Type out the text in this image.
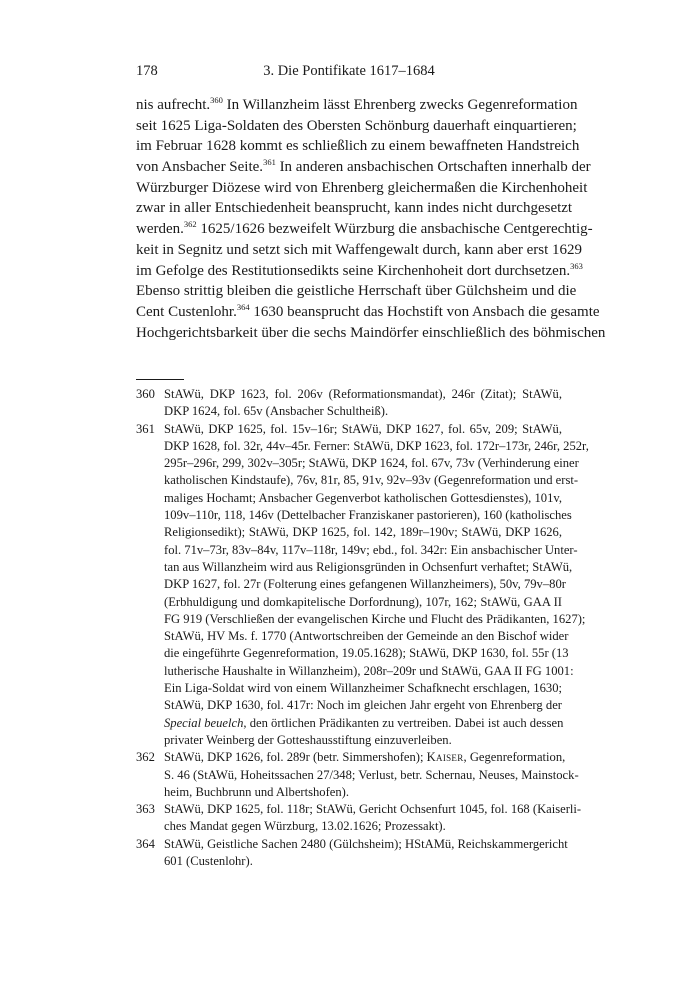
178	3. Die Pontifikate 1617–1684
nis aufrecht.$^{360}$ In Willanzheim lässt Ehrenberg zwecks Gegenreformation
seit 1625 Liga-Soldaten des Obersten Schönburg dauerhaft einquartieren;
im Februar 1628 kommt es schließlich zu einem bewaffneten Handstreich
von Ansbacher Seite.$^{361}$ In anderen ansbachischen Ortschaften innerhalb der
Würzburger Diözese wird von Ehrenberg gleichermaßen die Kirchenhoheit
zwar in aller Entschiedenheit beansprucht, kann indes nicht durchgesetzt
werden.$^{362}$ 1625/1626 bezweifelt Würzburg die ansbachische Centgerechtig-
keit in Segnitz und setzt sich mit Waffengewalt durch, kann aber erst 1629
im Gefolge des Restitutionsedikts seine Kirchenhoheit dort durchsetzen.$^{363}$
Ebenso strittig bleiben die geistliche Herrschaft über Gülchsheim und die
Cent Custenlohr.$^{364}$ 1630 beansprucht das Hochstift von Ansbach die gesamte
Hochgerichtsbarkeit über die sechs Maindörfer einschließlich des böhmischen
360 StAWü, DKP 1623, fol. 206v (Reformationsmandat), 246r (Zitat); StAWü,
DKP 1624, fol. 65v (Ansbacher Schultheiß).
361 StAWü, DKP 1625, fol. 15v–16r; StAWü, DKP 1627, fol. 65v, 209; StAWü,
DKP 1628, fol. 32r, 44v–45r. Ferner: StAWü, DKP 1623, fol. 172r–173r, 246r, 252r,
295r–296r, 299, 302v–305r; StAWü, DKP 1624, fol. 67v, 73v (Verhinderung einer
katholischen Kindstaufe), 76v, 81r, 85, 91v, 92v–93v (Gegenreformation und erst-
maliges Hochamt; Ansbacher Gegenverbot katholischen Gottesdienstes), 101v,
109v–110r, 118, 146v (Dettelbacher Franziskaner pastorieren), 160 (katholisches
Religionsedikt); StAWü, DKP 1625, fol. 142, 189r–190v; StAWü, DKP 1626,
fol. 71v–73r, 83v–84v, 117v–118r, 149v; ebd., fol. 342r: Ein ansbachischer Unter-
tan aus Willanzheim wird aus Religionsgründen in Ochsenfurt verhaftet; StAWü,
DKP 1627, fol. 27r (Folterung eines gefangenen Willanzheimers), 50v, 79v–80r
(Erbhuldigung und domkapitelische Dorfordnung), 107r, 162; StAWü, GAA II
FG 919 (Verschließen der evangelischen Kirche und Flucht des Prädikanten, 1627);
StAWü, HV Ms. f. 1770 (Antwortschreiben der Gemeinde an den Bischof wider
die eingeführte Gegenreformation, 19.05.1628); StAWü, DKP 1630, fol. 55r (13
lutherische Haushalte in Willanzheim), 208r–209r und StAWü, GAA II FG 1001:
Ein Liga-Soldat wird von einem Willanzheimer Schafknecht erschlagen, 1630;
StAWü, DKP 1630, fol. 417r: Noch im gleichen Jahr ergeht von Ehrenberg der
Special beuelch, den örtlichen Prädikanten zu vertreiben. Dabei ist auch dessen
privater Weinberg der Gotteshausstiftung einzuverleiben.
362 StAWü, DKP 1626, fol. 289r (betr. Simmershofen); Kaiser, Gegenreformation,
S. 46 (StAWü, Hoheitssachen 27/348; Verlust, betr. Schernau, Neuses, Mainstock-
heim, Buchbrunn und Albertshofen).
363 StAWü, DKP 1625, fol. 118r; StAWü, Gericht Ochsenfurt 1045, fol. 168 (Kaiserli-
ches Mandat gegen Würzburg, 13.02.1626; Prozessakt).
364 StAWü, Geistliche Sachen 2480 (Gülchsheim); HStAMü, Reichskammergericht
601 (Custenlohr).
